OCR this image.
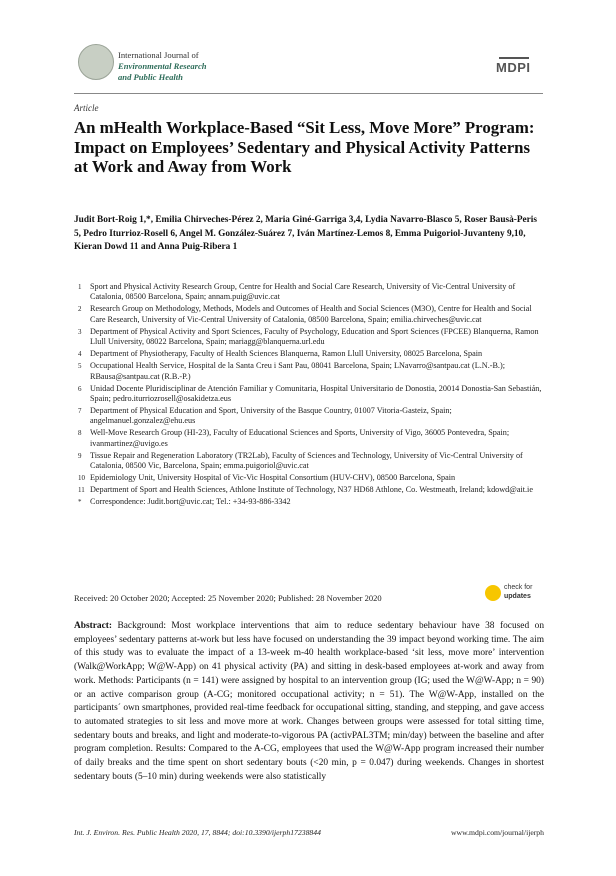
International Journal of
Environmental Research
and Public Health
MDPI
Article
An mHealth Workplace-Based “Sit Less, Move More” Program: Impact on Employees’ Sedentary and Physical Activity Patterns at Work and Away from Work
Judit Bort-Roig 1,*, Emilia Chirveches-Pérez 2, Maria Giné-Garriga 3,4, Lydia Navarro-Blasco 5, Roser Bausà-Peris 5, Pedro Iturrioz-Rosell 6, Angel M. González-Suárez 7, Iván Martínez-Lemos 8, Emma Puigoriol-Juvanteny 9,10, Kieran Dowd 11 and Anna Puig-Ribera 1
1 Sport and Physical Activity Research Group, Centre for Health and Social Care Research, University of Vic-Central University of Catalonia, 08500 Barcelona, Spain; annam.puig@uvic.cat
2 Research Group on Methodology, Methods, Models and Outcomes of Health and Social Sciences (M3O), Centre for Health and Social Care Research, University of Vic-Central University of Catalonia, 08500 Barcelona, Spain; emilia.chirveches@uvic.cat
3 Department of Physical Activity and Sport Sciences, Faculty of Psychology, Education and Sport Sciences (FPCEE) Blanquerna, Ramon Llull University, 08022 Barcelona, Spain; mariagg@blanquerna.url.edu
4 Department of Physiotherapy, Faculty of Health Sciences Blanquerna, Ramon Llull University, 08025 Barcelona, Spain
5 Occupational Health Service, Hospital de la Santa Creu i Sant Pau, 08041 Barcelona, Spain; LNavarro@santpau.cat (L.N.-B.); RBausa@santpau.cat (R.B.-P.)
6 Unidad Docente Pluridisciplinar de Atención Familiar y Comunitaria, Hospital Universitario de Donostia, 20014 Donostia-San Sebastián, Spain; pedro.iturriozrosell@osakidetza.eus
7 Department of Physical Education and Sport, University of the Basque Country, 01007 Vitoria-Gasteiz, Spain; angelmanuel.gonzalez@ehu.eus
8 Well-Move Research Group (HI-23), Faculty of Educational Sciences and Sports, University of Vigo, 36005 Pontevedra, Spain; ivanmartinez@uvigo.es
9 Tissue Repair and Regeneration Laboratory (TR2Lab), Faculty of Sciences and Technology, University of Vic-Central University of Catalonia, 08500 Vic, Barcelona, Spain; emma.puigoriol@uvic.cat
10 Epidemiology Unit, University Hospital of Vic-Vic Hospital Consortium (HUV-CHV), 08500 Barcelona, Spain
11 Department of Sport and Health Sciences, Athlone Institute of Technology, N37 HD68 Athlone, Co. Westmeath, Ireland; kdowd@ait.ie
* Correspondence: Judit.bort@uvic.cat; Tel.: +34-93-886-3342
Received: 20 October 2020; Accepted: 25 November 2020; Published: 28 November 2020
check for
updates
Abstract: Background: Most workplace interventions that aim to reduce sedentary behaviour have 38 focused on employees’ sedentary patterns at-work but less have focused on understanding the 39 impact beyond working time. The aim of this study was to evaluate the impact of a 13-week m-40 health workplace-based ‘sit less, move more’ intervention (Walk@WorkApp; W@W-App) on 41 physical activity (PA) and sitting in desk-based employees at-work and away from work. Methods: Participants (n = 141) were assigned by hospital to an intervention group (IG; used the W@W-App; n = 90) or an active comparison group (A-CG; monitored occupational activity; n = 51). The W@W-App, installed on the participants´ own smartphones, provided real-time feedback for occupational sitting, standing, and stepping, and gave access to automated strategies to sit less and move more at work. Changes between groups were assessed for total sitting time, sedentary bouts and breaks, and light and moderate-to-vigorous PA (activPAL3TM; min/day) between the baseline and after program completion. Results: Compared to the A-CG, employees that used the W@W-App program increased their number of daily breaks and the time spent on short sedentary bouts (<20 min, p = 0.047) during weekends. Changes in shortest sedentary bouts (5–10 min) during weekends were also statistically
Int. J. Environ. Res. Public Health 2020, 17, 8844; doi:10.3390/ijerph17238844	www.mdpi.com/journal/ijerph
